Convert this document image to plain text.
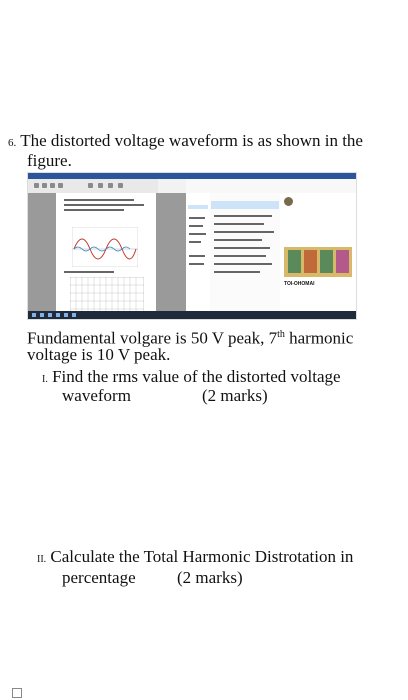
6. The distorted voltage waveform is as shown in the
figure.
TOI-OHOMAI
Fundamental volgare is 50 V peak, 7th harmonic
voltage is 10 V peak.
I. Find the rms value of the distorted voltage
waveform	(2 marks)
II. Calculate the Total Harmonic Distrotation in
percentage (2 marks)
